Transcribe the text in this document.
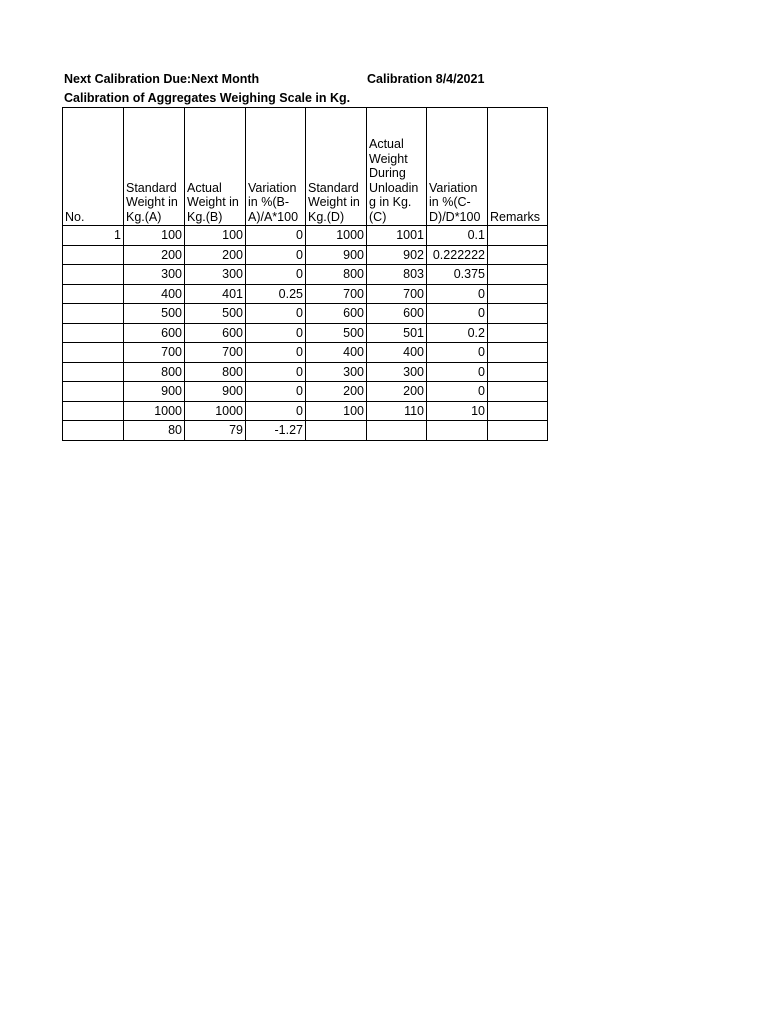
Next Calibration Due:Next Month	Calibration 8/4/2021
Calibration of Aggregates Weighing Scale in Kg.
No.	Standard Weight in Kg.(A)	Actual Weight in Kg.(B)	Variation in %(B-A)/A*100	Standard Weight in Kg.(D)	Actual Weight During Unloading in Kg.(C)	Variation in %(C-D)/D*100	Remarks
1	100	100	0	1000	1001	0.1	
	200	200	0	900	902	0.222222	
	300	300	0	800	803	0.375	
	400	401	0.25	700	700	0	
	500	500	0	600	600	0	
	600	600	0	500	501	0.2	
	700	700	0	400	400	0	
	800	800	0	300	300	0	
	900	900	0	200	200	0	
	1000	1000	0	100	110	10	
	80	79	-1.27				
